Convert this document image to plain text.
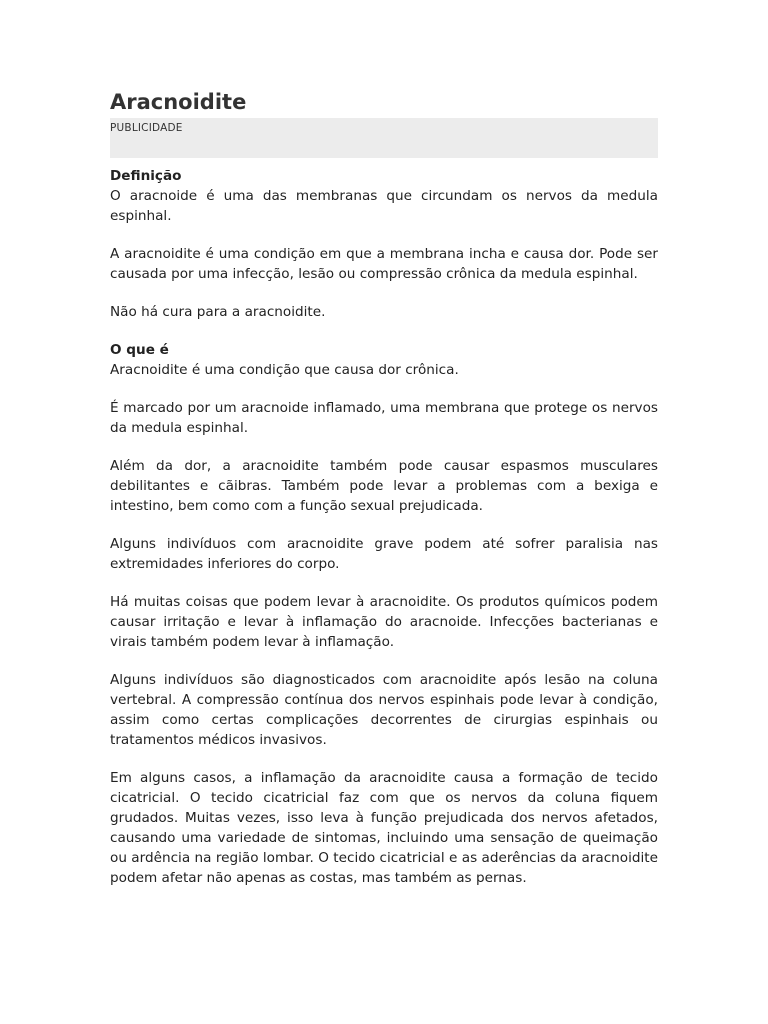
Aracnoidite
PUBLICIDADE

Definição

O aracnoide é uma das membranas que circundam os nervos da medula espinhal.

A aracnoidite é uma condição em que a membrana incha e causa dor. Pode ser causada por uma infecção, lesão ou compressão crônica da medula espinhal.

Não há cura para a aracnoidite.

O que é

Aracnoidite é uma condição que causa dor crônica.

É marcado por um aracnoide inflamado, uma membrana que protege os nervos da medula espinhal.

Além da dor, a aracnoidite também pode causar espasmos musculares debilitantes e cãibras. Também pode levar a problemas com a bexiga e intestino, bem como com a função sexual prejudicada.

Alguns indivíduos com aracnoidite grave podem até sofrer paralisia nas extremidades inferiores do corpo.

Há muitas coisas que podem levar à aracnoidite. Os produtos químicos podem causar irritação e levar à inflamação do aracnoide. Infecções bacterianas e virais também podem levar à inflamação.

Alguns indivíduos são diagnosticados com aracnoidite após lesão na coluna vertebral. A compressão contínua dos nervos espinhais pode levar à condição, assim como certas complicações decorrentes de cirurgias espinhais ou tratamentos médicos invasivos.

Em alguns casos, a inflamação da aracnoidite causa a formação de tecido cicatricial. O tecido cicatricial faz com que os nervos da coluna fiquem grudados. Muitas vezes, isso leva à função prejudicada dos nervos afetados, causando uma variedade de sintomas, incluindo uma sensação de queimação ou ardência na região lombar. O tecido cicatricial e as aderências da aracnoidite podem afetar não apenas as costas, mas também as pernas.
